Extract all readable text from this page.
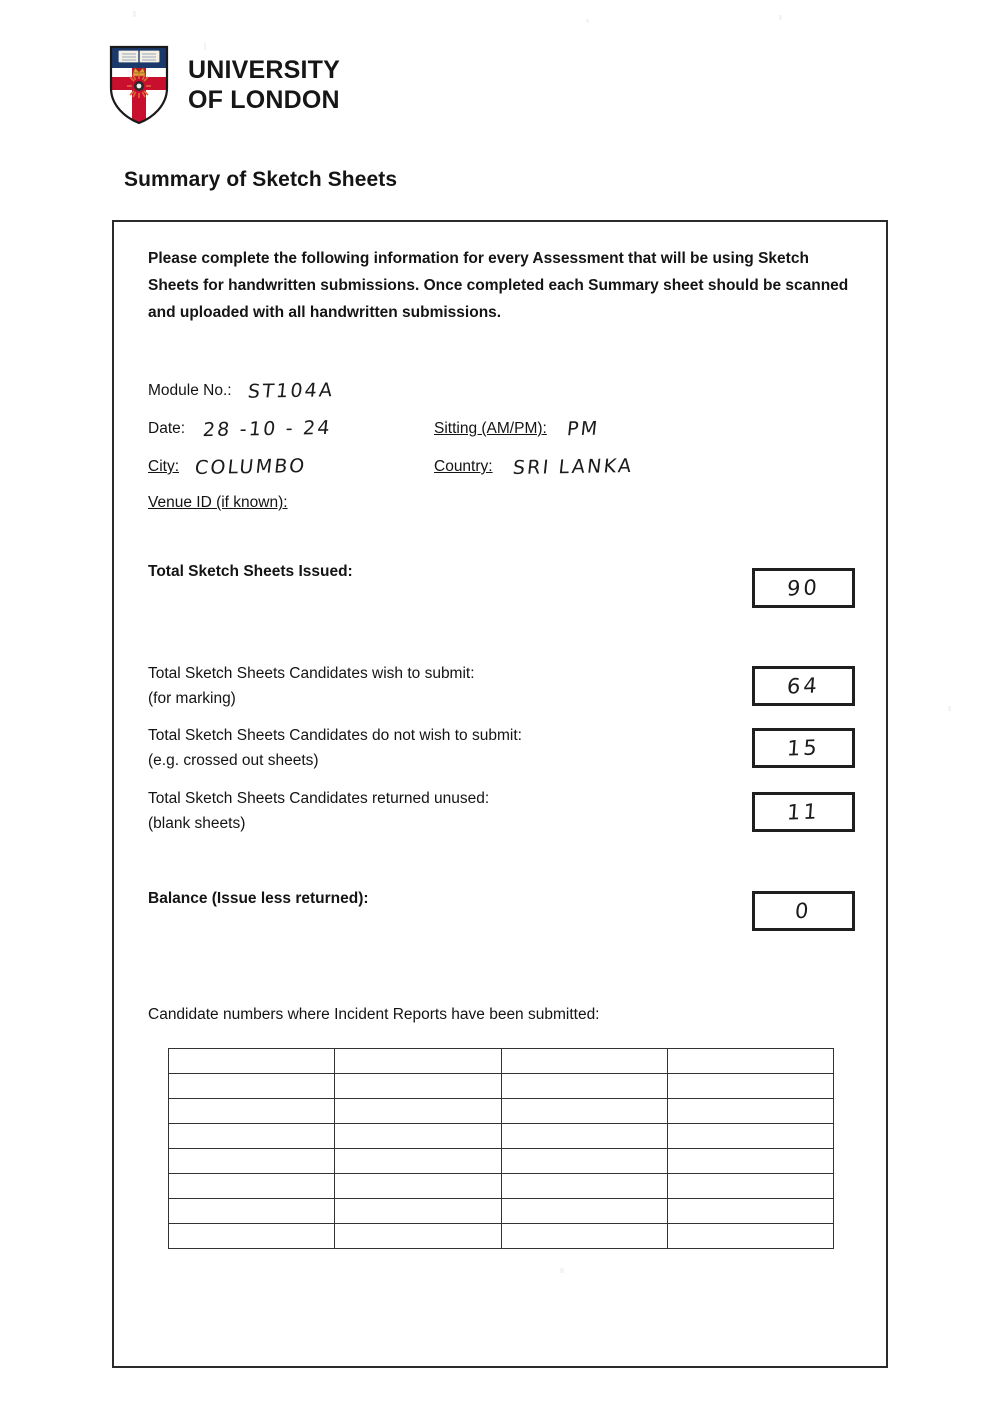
UNIVERSITY
OF LONDON
Summary of Sketch Sheets
Please complete the following information for every Assessment that will be using Sketch Sheets for handwritten submissions. Once completed each Summary sheet should be scanned and uploaded with all handwritten submissions.
Module No.: ST104A
Date: 28 -10 - 24	Sitting (AM/PM): PM
City: COLUMBO	Country: SRI LANKA
Venue ID (if known):
Total Sketch Sheets Issued:
90
Total Sketch Sheets Candidates wish to submit:
(for marking)	64
Total Sketch Sheets Candidates do not wish to submit:
(e.g. crossed out sheets)	15
Total Sketch Sheets Candidates returned unused:
(blank sheets)	11
Balance (Issue less returned):
0
Candidate numbers where Incident Reports have been submitted:
